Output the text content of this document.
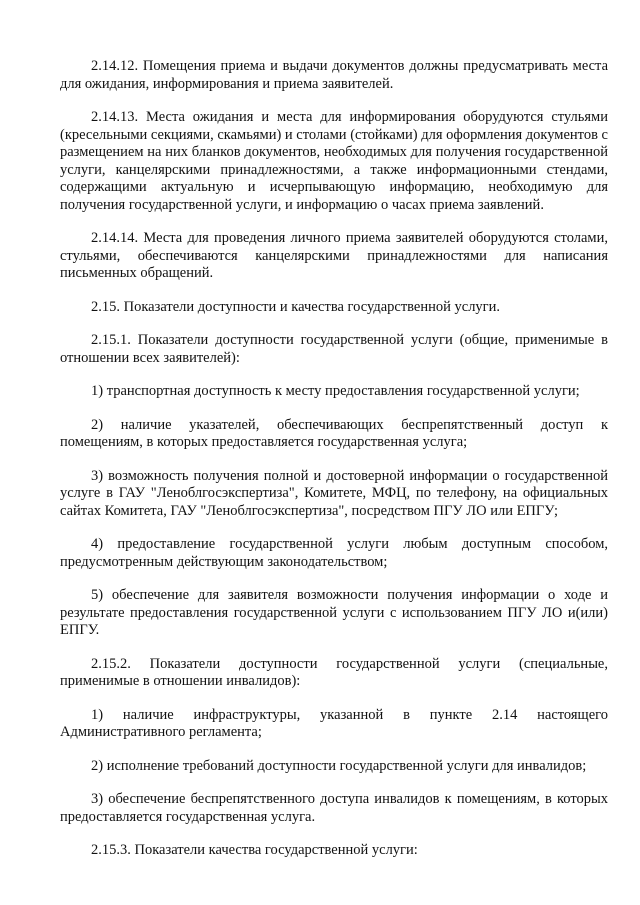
2.14.12. Помещения приема и выдачи документов должны предусматривать места для ожидания, информирования и приема заявителей.

2.14.13. Места ожидания и места для информирования оборудуются стульями (кресельными секциями, скамьями) и столами (стойками) для оформления документов с размещением на них бланков документов, необходимых для получения государственной услуги, канцелярскими принадлежностями, а также информационными стендами, содержащими актуальную и исчерпывающую информацию, необходимую для получения государственной услуги, и информацию о часах приема заявлений.

2.14.14. Места для проведения личного приема заявителей оборудуются столами, стульями, обеспечиваются канцелярскими принадлежностями для написания письменных обращений.

2.15. Показатели доступности и качества государственной услуги.

2.15.1. Показатели доступности государственной услуги (общие, применимые в отношении всех заявителей):

1) транспортная доступность к месту предоставления государственной услуги;

2) наличие указателей, обеспечивающих беспрепятственный доступ к помещениям, в которых предоставляется государственная услуга;

3) возможность получения полной и достоверной информации о государственной услуге в ГАУ "Леноблгосэкспертиза", Комитете, МФЦ, по телефону, на официальных сайтах Комитета, ГАУ "Леноблгосэкспертиза", посредством ПГУ ЛО или ЕПГУ;

4) предоставление государственной услуги любым доступным способом, предусмотренным действующим законодательством;

5) обеспечение для заявителя возможности получения информации о ходе и результате предоставления государственной услуги с использованием ПГУ ЛО и(или) ЕПГУ.

2.15.2. Показатели доступности государственной услуги (специальные, применимые в отношении инвалидов):

1) наличие инфраструктуры, указанной в пункте 2.14 настоящего Административного регламента;

2) исполнение требований доступности государственной услуги для инвалидов;

3) обеспечение беспрепятственного доступа инвалидов к помещениям, в которых предоставляется государственная услуга.

2.15.3. Показатели качества государственной услуги:
